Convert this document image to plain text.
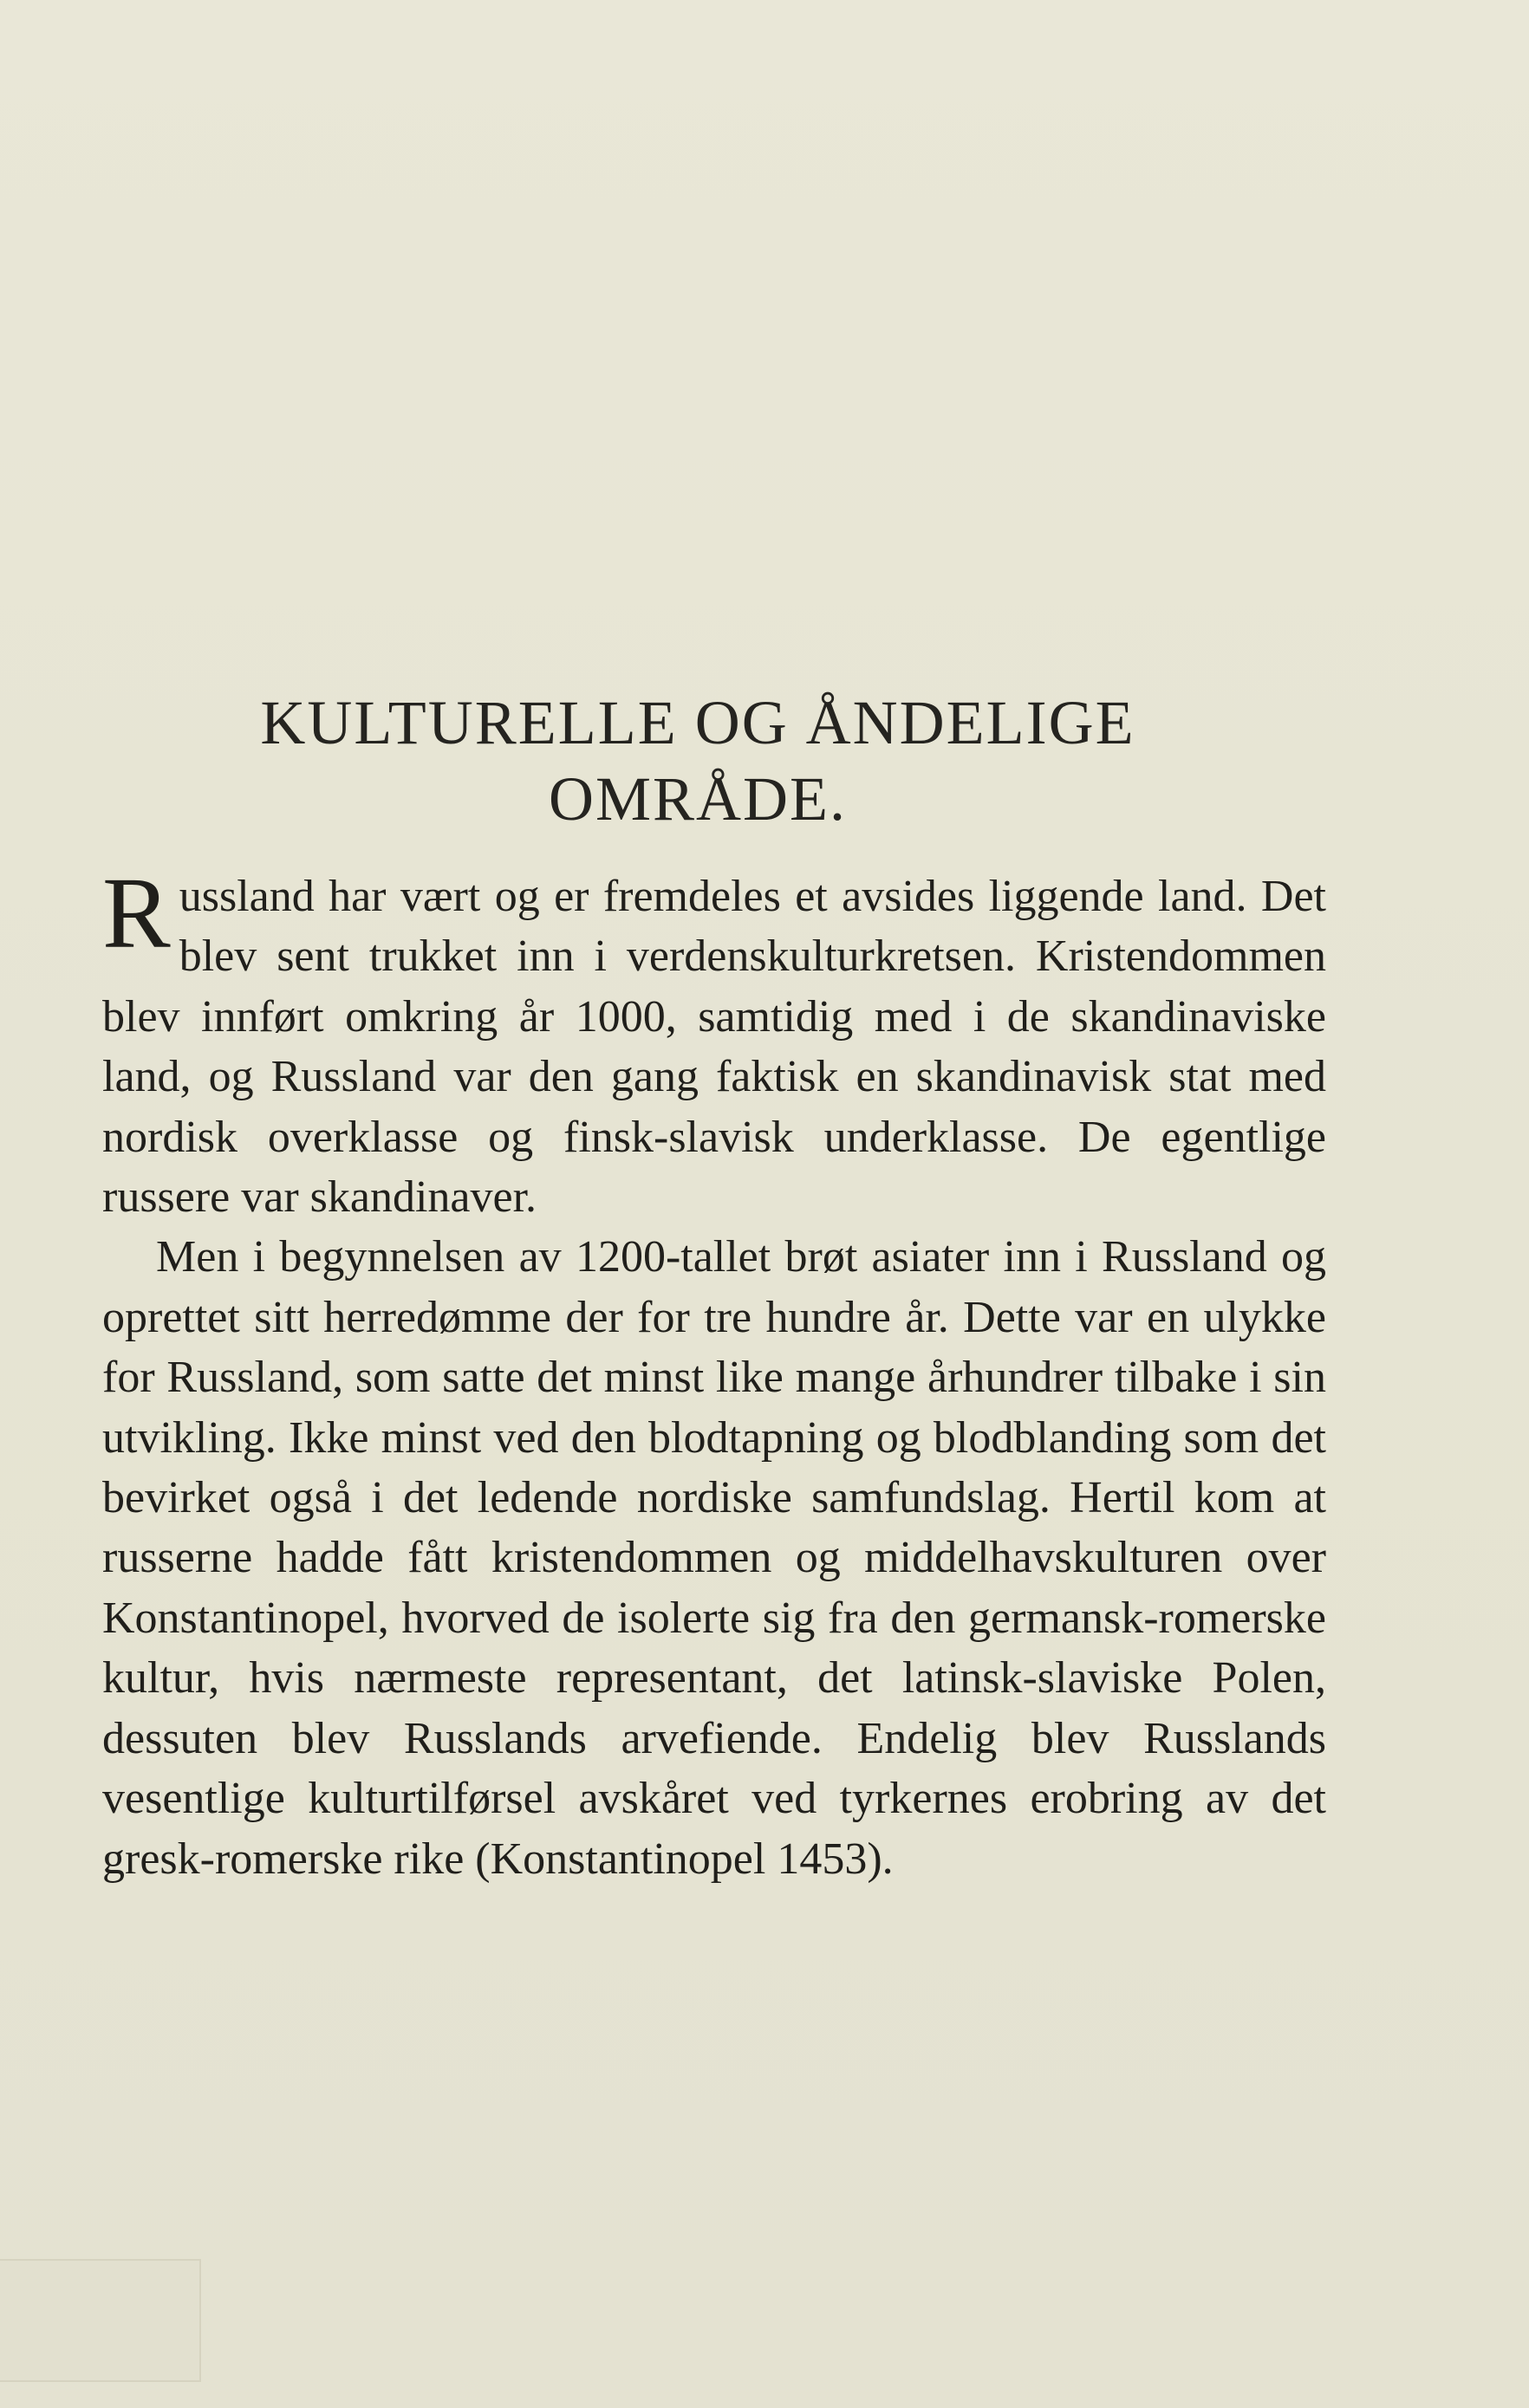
KULTURELLE OG ÅNDELIGE
OMRÅDE.

Russland har vært og er fremdeles et avsides liggende land. Det blev sent trukket inn i verdenskulturkretsen. Kristendommen blev innført omkring år 1000, samtidig med i de skandinaviske land, og Russland var den gang faktisk en skandinavisk stat med nordisk overklasse og finsk-slavisk underklasse. De egentlige russere var skandinaver.

Men i begynnelsen av 1200-tallet brøt asiater inn i Russland og oprettet sitt herredømme der for tre hundre år. Dette var en ulykke for Russland, som satte det minst like mange århundrer tilbake i sin utvikling. Ikke minst ved den blodtapning og blodblanding som det bevirket også i det ledende nordiske samfundslag. Hertil kom at russerne hadde fått kristendommen og middelhavskulturen over Konstantinopel, hvorved de isolerte sig fra den germansk-romerske kultur, hvis nærmeste representant, det latinsk-slaviske Polen, dessuten blev Russlands arvefiende. Endelig blev Russlands vesentlige kulturtilførsel avskåret ved tyrkernes erobring av det gresk-romerske rike (Konstantinopel 1453).
